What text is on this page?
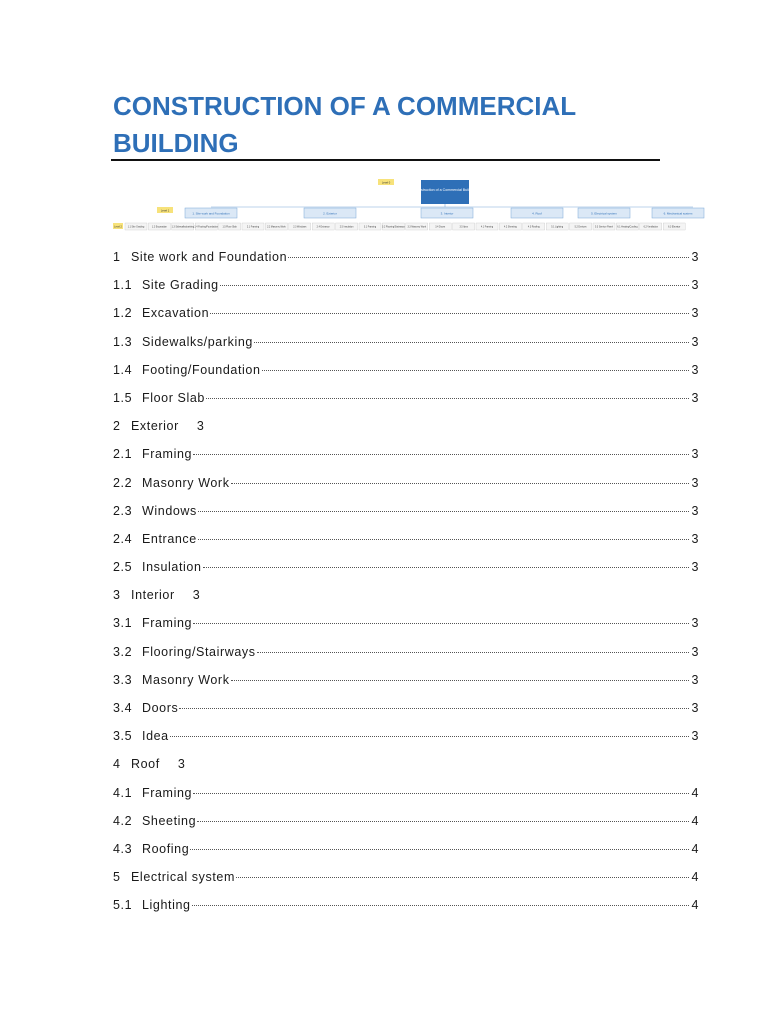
CONSTRUCTION OF A COMMERCIAL BUILDING
Construction of a Commercial Building
Level 0
Level 1
Level 2
1. Site work and Foundation
1.1 Site Grading	1.2 Excavation	1.3 Sidewalks/parking 1.4 Footing/Foundation	1.5 Floor Slab
2. Exterior
2.1 Framing	2.2 Masonry Work	2.3 Windows	2.4 Entrance	2.5 Insulation
3. Interior
3.1 Framing	3.2 Flooring/Stairways	3.3 Masonry Work	3.4 Doors	3.5 Idea
4. Roof
4.1 Framing	4.2 Sheeting	4.3 Roofing
5. Electrical system
5.1 Lighting	5.2 Devices	5.3 Service Panel
6. Mechanical system
6.1 Heating/Cooling	6.2 Ventilation	6.3 Elevator
1 Site work and Foundation	3
1.1 Site Grading	3
1.2 Excavation	3
1.3 Sidewalks/parking	3
1.4 Footing/Foundation	3
1.5 Floor Slab	3
2 Exterior 3
2.1 Framing	3
2.2 Masonry Work	3
2.3 Windows	3
2.4 Entrance	3
2.5 Insulation	3
3 Interior 3
3.1 Framing	3
3.2 Flooring/Stairways	3
3.3 Masonry Work	3
3.4 Doors	3
3.5 Idea	3
4 Roof 3
4.1 Framing	4
4.2 Sheeting	4
4.3 Roofing	4
5 Electrical system	4
5.1 Lighting	4
